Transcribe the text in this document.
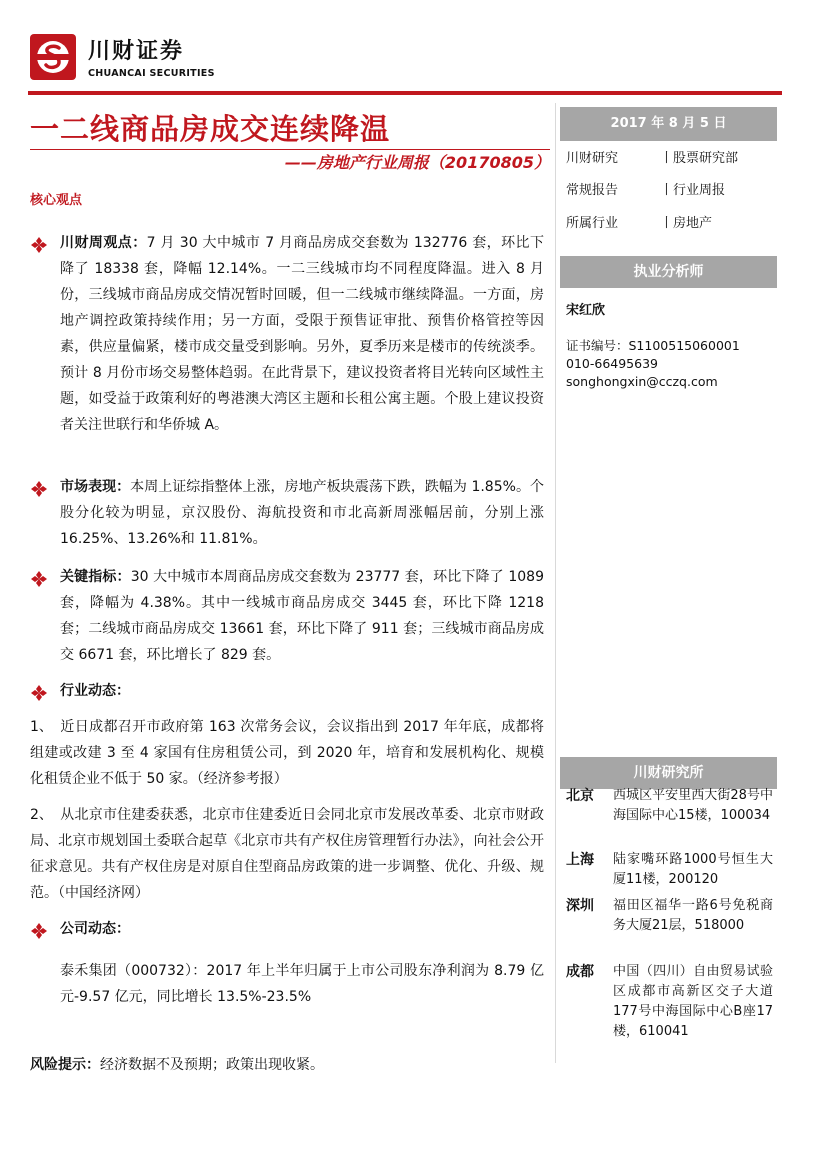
川财证券
CHUANCAI SECURITIES
一二线商品房成交连续降温
——房地产行业周报（20170805）
2017 年 8 月 5 日
川财研究	丨股票研究部
常规报告	丨行业周报
所属行业	丨房地产
执业分析师
宋红欣
证书编号：S1100515060001
010-66495639
songhongxin@cczq.com
川财研究所
北京 西城区平安里西大街28号中海国际中心15楼，100034
上海 陆家嘴环路1000号恒生大厦11楼，200120
深圳 福田区福华一路6号免税商务大厦21层，518000
成都 中国（四川）自由贸易试验区成都市高新区交子大道177号中海国际中心B座17楼，610041
核心观点
川财周观点：7 月 30 大中城市 7 月商品房成交套数为 132776 套，环比下降了 18338 套，降幅 12.14%。一二三线城市均不同程度降温。进入 8 月份，三线城市商品房成交情况暂时回暖，但一二线城市继续降温。一方面，房地产调控政策持续作用；另一方面，受限于预售证审批、预售价格管控等因素，供应量偏紧，楼市成交量受到影响。另外，夏季历来是楼市的传统淡季。预计 8 月份市场交易整体趋弱。在此背景下，建议投资者将目光转向区域性主题，如受益于政策利好的粤港澳大湾区主题和长租公寓主题。个股上建议投资者关注世联行和华侨城 A。
市场表现：本周上证综指整体上涨，房地产板块震荡下跌，跌幅为 1.85%。个股分化较为明显，京汉股份、海航投资和市北高新周涨幅居前，分别上涨 16.25%、13.26%和 11.81%。
关键指标：30 大中城市本周商品房成交套数为 23777 套，环比下降了 1089 套，降幅为 4.38%。其中一线城市商品房成交 3445 套，环比下降 1218 套；二线城市商品房成交 13661 套，环比下降了 911 套；三线城市商品房成交 6671 套，环比增长了 829 套。
行业动态：
1、 近日成都召开市政府第 163 次常务会议，会议指出到 2017 年年底，成都将组建或改建 3 至 4 家国有住房租赁公司，到 2020 年，培育和发展机构化、规模化租赁企业不低于 50 家。（经济参考报）
2、 从北京市住建委获悉，北京市住建委近日会同北京市发展改革委、北京市财政局、北京市规划国土委联合起草《北京市共有产权住房管理暂行办法》，向社会公开征求意见。共有产权住房是对原自住型商品房政策的进一步调整、优化、升级、规范。（中国经济网）
公司动态：
泰禾集团（000732）：2017 年上半年归属于上市公司股东净利润为 8.79 亿元-9.57 亿元，同比增长 13.5%-23.5%
风险提示：经济数据不及预期；政策出现收紧。
